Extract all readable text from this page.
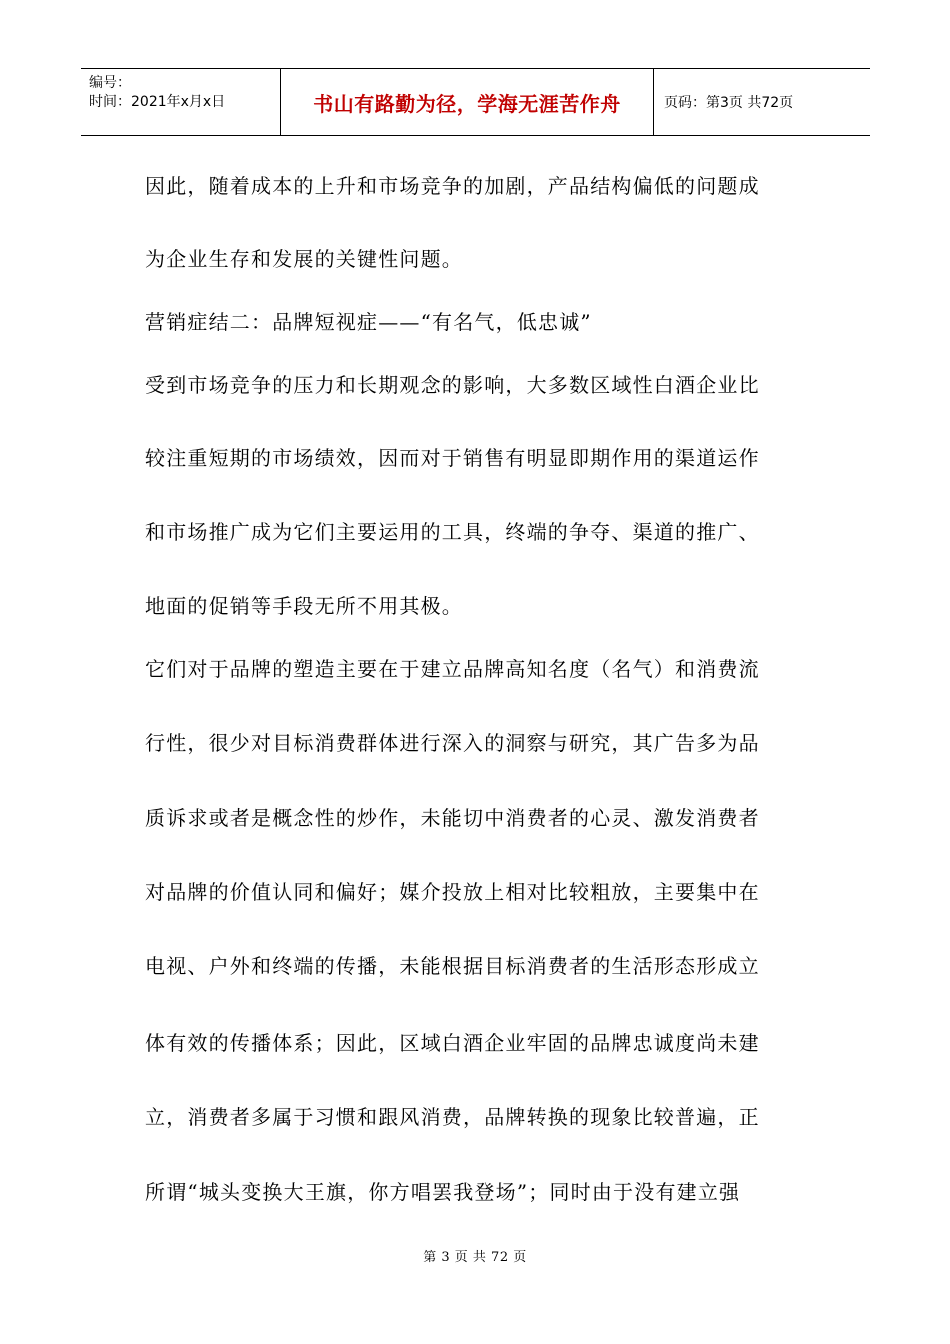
编号：
时间：2021年x月x日	书山有路勤为径，学海无涯苦作舟	页码：第3页 共72页
因此，随着成本的上升和市场竞争的加剧，产品结构偏低的问题成
为企业生存和发展的关键性问题。
营销症结二：品牌短视症——“有名气，低忠诚”
受到市场竞争的压力和长期观念的影响，大多数区域性白酒企业比
较注重短期的市场绩效，因而对于销售有明显即期作用的渠道运作
和市场推广成为它们主要运用的工具，终端的争夺、渠道的推广、
地面的促销等手段无所不用其极。
它们对于品牌的塑造主要在于建立品牌高知名度（名气）和消费流
行性，很少对目标消费群体进行深入的洞察与研究，其广告多为品
质诉求或者是概念性的炒作，未能切中消费者的心灵、激发消费者
对品牌的价值认同和偏好；媒介投放上相对比较粗放，主要集中在
电视、户外和终端的传播，未能根据目标消费者的生活形态形成立
体有效的传播体系；因此，区域白酒企业牢固的品牌忠诚度尚未建
立，消费者多属于习惯和跟风消费，品牌转换的现象比较普遍，正
所谓“城头变换大王旗，你方唱罢我登场”；同时由于没有建立强
第 3 页 共 72 页
